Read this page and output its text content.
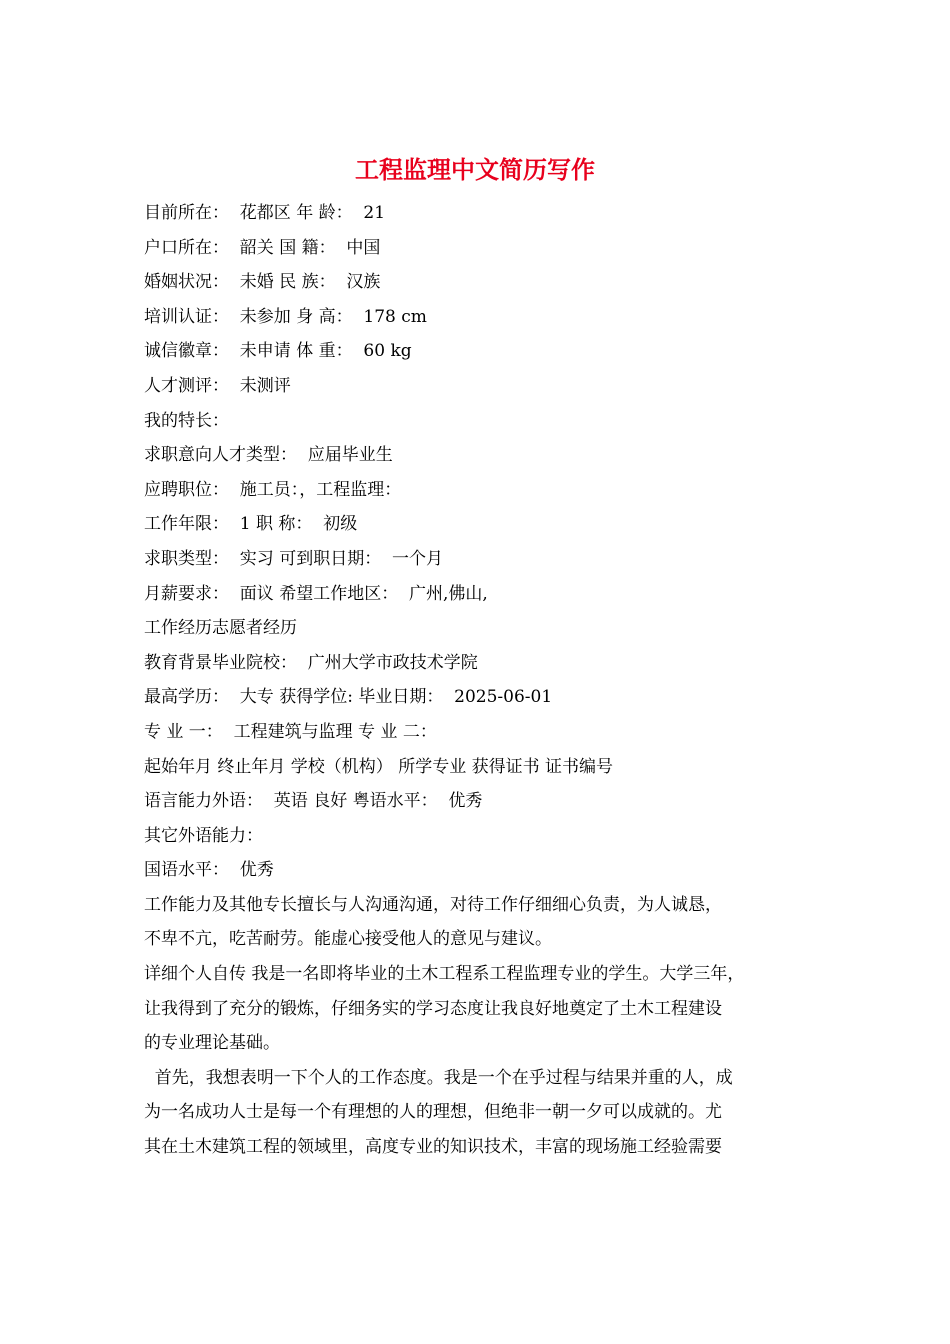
工程监理中文简历写作
目前所在：  花都区 年 龄：  21
户口所在：  韶关 国 籍：  中国
婚姻状况：  未婚 民 族：  汉族
培训认证：  未参加 身 高：  178 cm
诚信徽章：  未申请 体 重：  60 kg
人才测评：  未测评
我的特长：
求职意向人才类型：  应届毕业生
应聘职位：  施工员：，工程监理：
工作年限：  1 职 称：  初级
求职类型：  实习 可到职日期：  一个月
月薪要求：  面议 希望工作地区：  广州,佛山,
工作经历志愿者经历
教育背景毕业院校：  广州大学市政技术学院
最高学历：  大专 获得学位: 毕业日期：  2025-06-01
专 业 一：  工程建筑与监理 专 业 二：
起始年月 终止年月 学校（机构） 所学专业 获得证书 证书编号
语言能力外语：  英语 良好 粤语水平：  优秀
其它外语能力：
国语水平：  优秀
工作能力及其他专长擅长与人沟通沟通，对待工作仔细细心负责，为人诚恳，
不卑不亢，吃苦耐劳。能虚心接受他人的意见与建议。
详细个人自传 我是一名即将毕业的土木工程系工程监理专业的学生。大学三年，
让我得到了充分的锻炼，仔细务实的学习态度让我良好地奠定了土木工程建设
的专业理论基础。
首先，我想表明一下个人的工作态度。我是一个在乎过程与结果并重的人，成
为一名成功人士是每一个有理想的人的理想，但绝非一朝一夕可以成就的。尤
其在土木建筑工程的领域里，高度专业的知识技术，丰富的现场施工经验需要
